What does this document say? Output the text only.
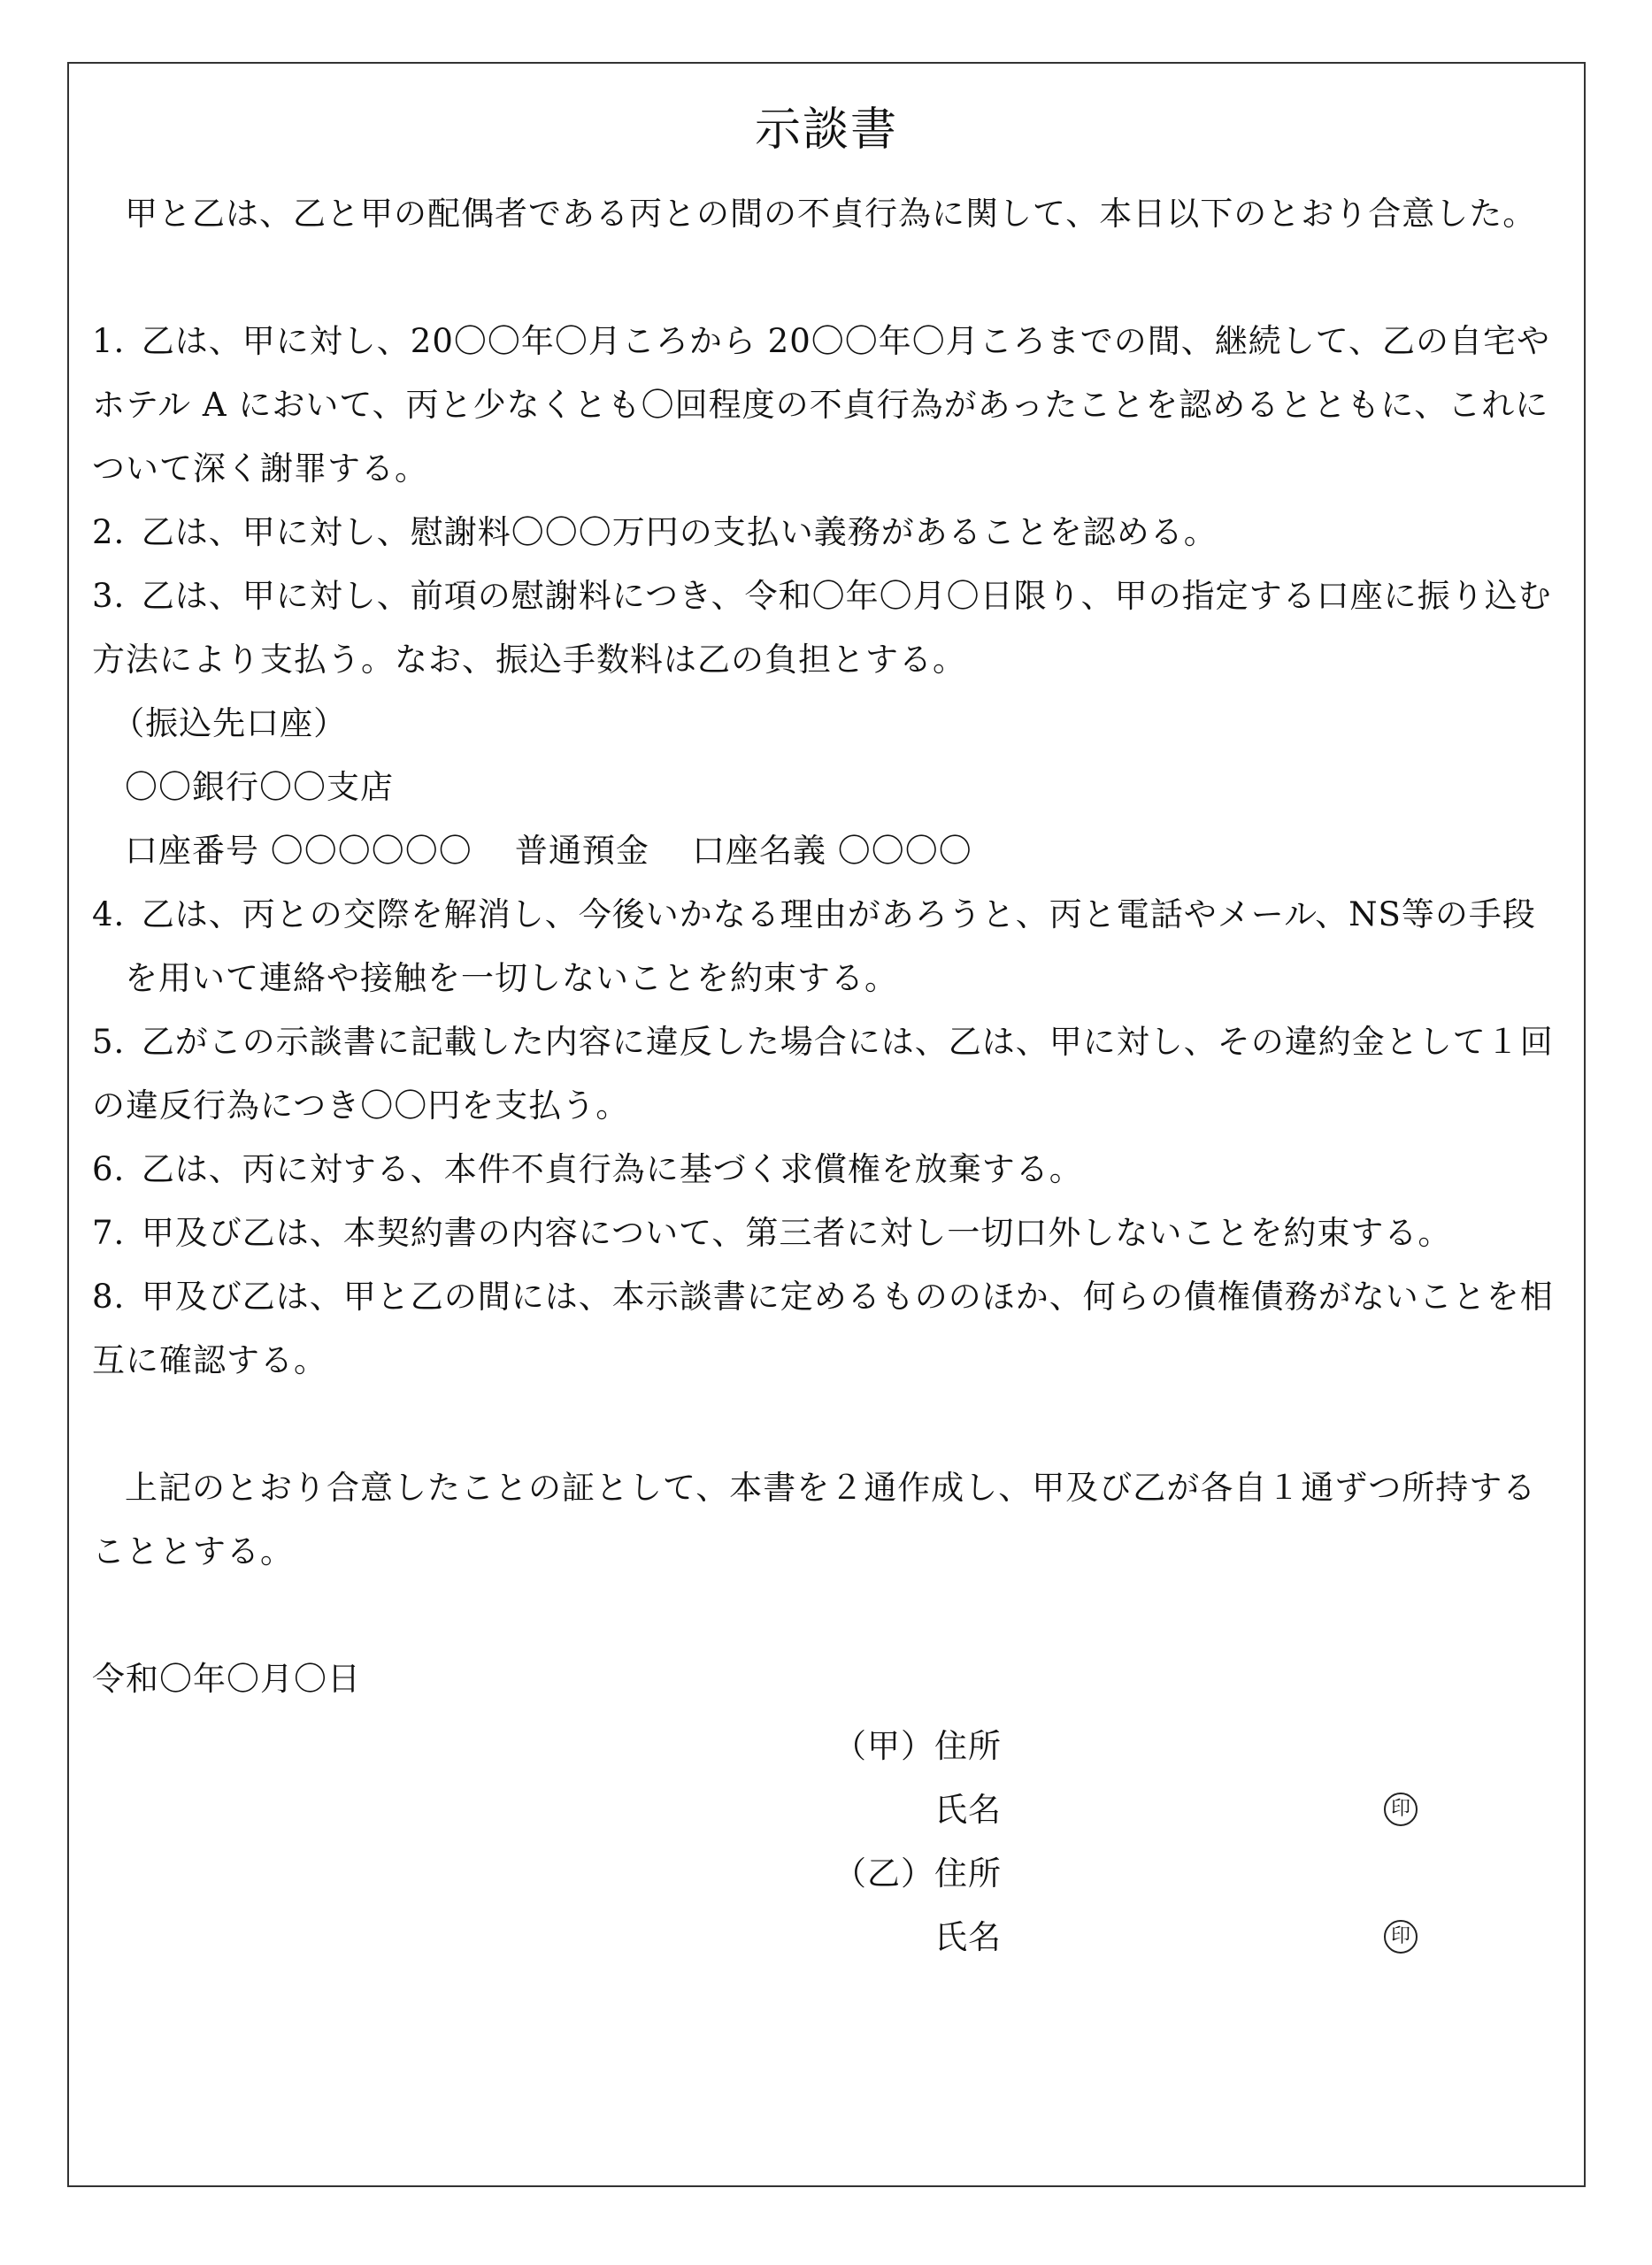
示談書

甲と乙は、乙と甲の配偶者である丙との間の不貞行為に関して、本日以下のとおり合意した。

1. 乙は、甲に対し、20〇〇年〇月ころから 20〇〇年〇月ころまでの間、継続して、乙の自宅やホテル A において、丙と少なくとも〇回程度の不貞行為があったことを認めるとともに、これについて深く謝罪する。

2. 乙は、甲に対し、慰謝料〇〇〇万円の支払い義務があることを認める。

3. 乙は、甲に対し、前項の慰謝料につき、令和〇年〇月〇日限り、甲の指定する口座に振り込む方法により支払う。なお、振込手数料は乙の負担とする。

（振込先口座）

〇〇銀行〇〇支店

口座番号 〇〇〇〇〇〇 普通預金 口座名義 〇〇〇〇

4. 乙は、丙との交際を解消し、今後いかなる理由があろうと、丙と電話やメール、NS等の手段を用いて連絡や接触を一切しないことを約束する。

5. 乙がこの示談書に記載した内容に違反した場合には、乙は、甲に対し、その違約金として１回の違反行為につき〇〇円を支払う。

6. 乙は、丙に対する、本件不貞行為に基づく求償権を放棄する。

7. 甲及び乙は、本契約書の内容について、第三者に対し一切口外しないことを約束する。

8. 甲及び乙は、甲と乙の間には、本示談書に定めるもののほか、何らの債権債務がないことを相互に確認する。

上記のとおり合意したことの証として、本書を２通作成し、甲及び乙が各自１通ずつ所持することとする。

令和〇年〇月〇日

（甲） 住所
氏名	印
（乙） 住所
氏名	印
